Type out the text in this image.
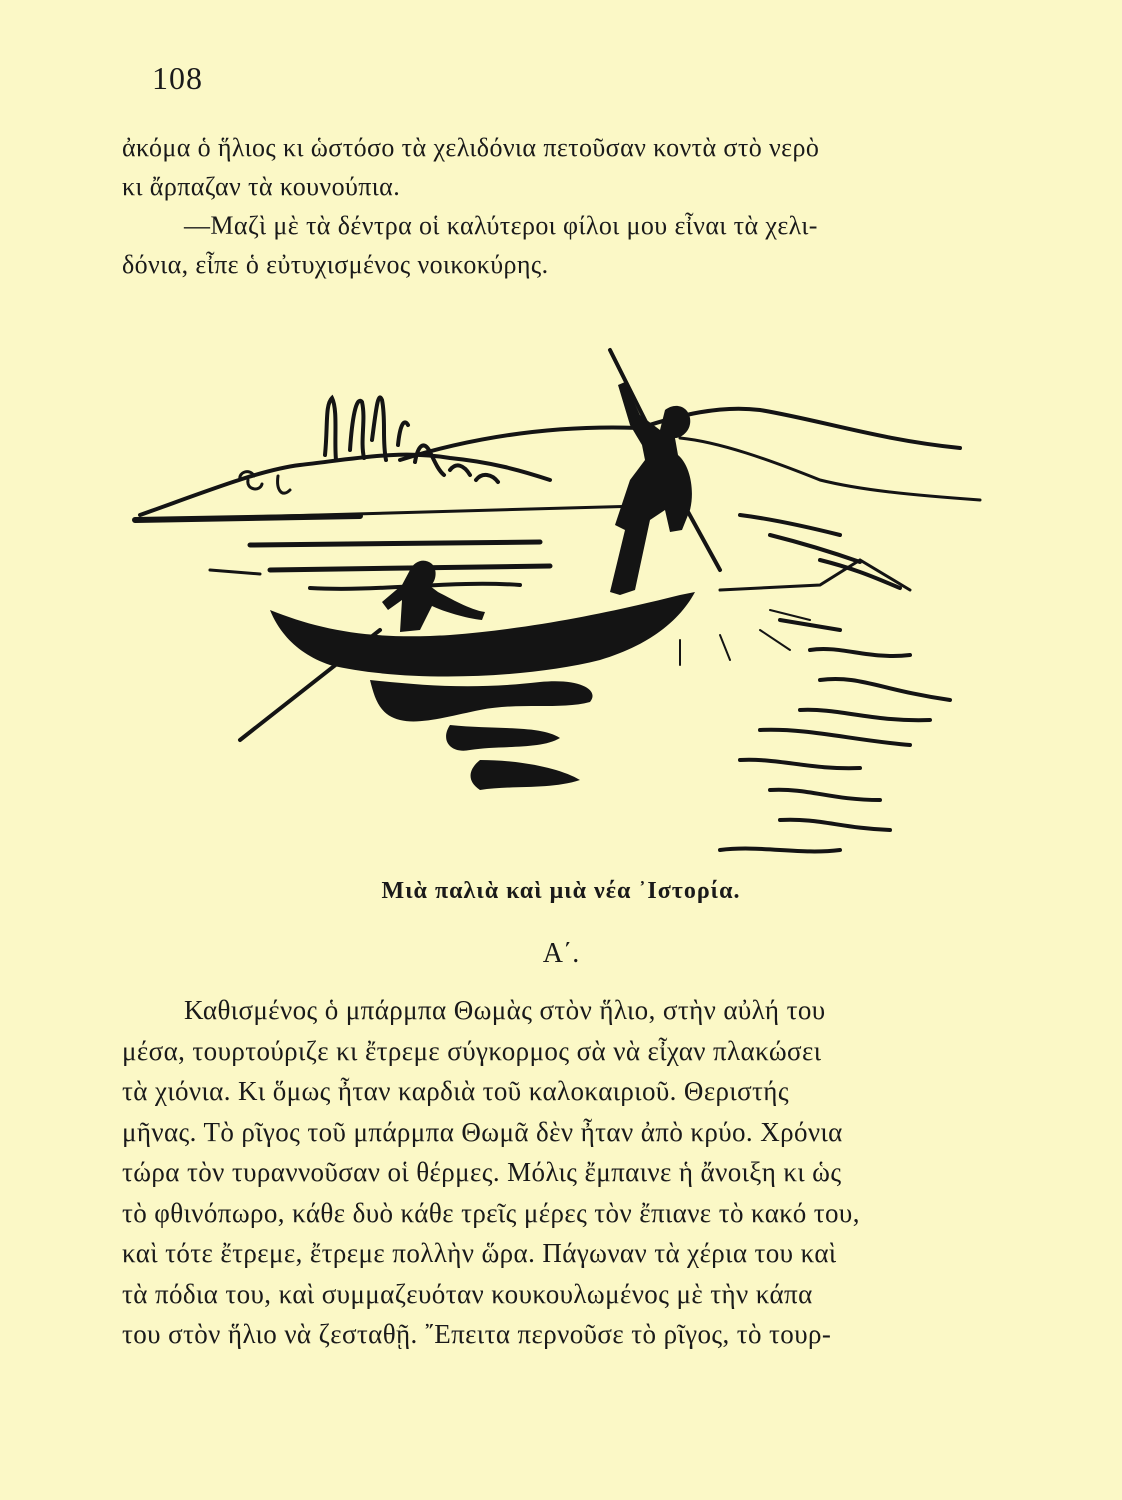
108
ἀκόμα ὁ ἥλιος κι ὡστόσο τὰ χελιδόνια πετοῦσαν κοντὰ στὸ νερὸ
κι ἄρπαζαν τὰ κουνούπια.
—Μαζὶ μὲ τὰ δέντρα οἱ καλύτεροι φίλοι μου εἶναι τὰ χελι-
δόνια, εἶπε ὁ εὐτυχισμένος νοικοκύρης.
Μιὰ παλιὰ καὶ μιὰ νέα ᾿Ιστορία.
Α΄.
Καθισμένος ὁ μπάρμπα Θωμὰς στὸν ἥλιο, στὴν αὐλή του
μέσα, τουρτούριζε κι ἔτρεμε σύγκορμος σὰ νὰ εἶχαν πλακώσει
τὰ χιόνια. Κι ὅμως ἦταν καρδιὰ τοῦ καλοκαιριοῦ. Θεριστής
μῆνας. Τὸ ρῖγος τοῦ μπάρμπα Θωμᾶ δὲν ἦταν ἀπὸ κρύο. Χρόνια
τώρα τὸν τυραννοῦσαν οἱ θέρμες. Μόλις ἔμπαινε ἡ ἄνοιξη κι ὡς
τὸ φθινόπωρο, κάθε δυὸ κάθε τρεῖς μέρες τὸν ἔπιανε τὸ κακό του,
καὶ τότε ἔτρεμε, ἔτρεμε πολλὴν ὥρα. Πάγωναν τὰ χέρια του καὶ
τὰ πόδια του, καὶ συμμαζευόταν κουκουλωμένος μὲ τὴν κάπα
του στὸν ἥλιο νὰ ζεσταθῇ. ῎Επειτα περνοῦσε τὸ ρῖγος, τὸ τουρ-
